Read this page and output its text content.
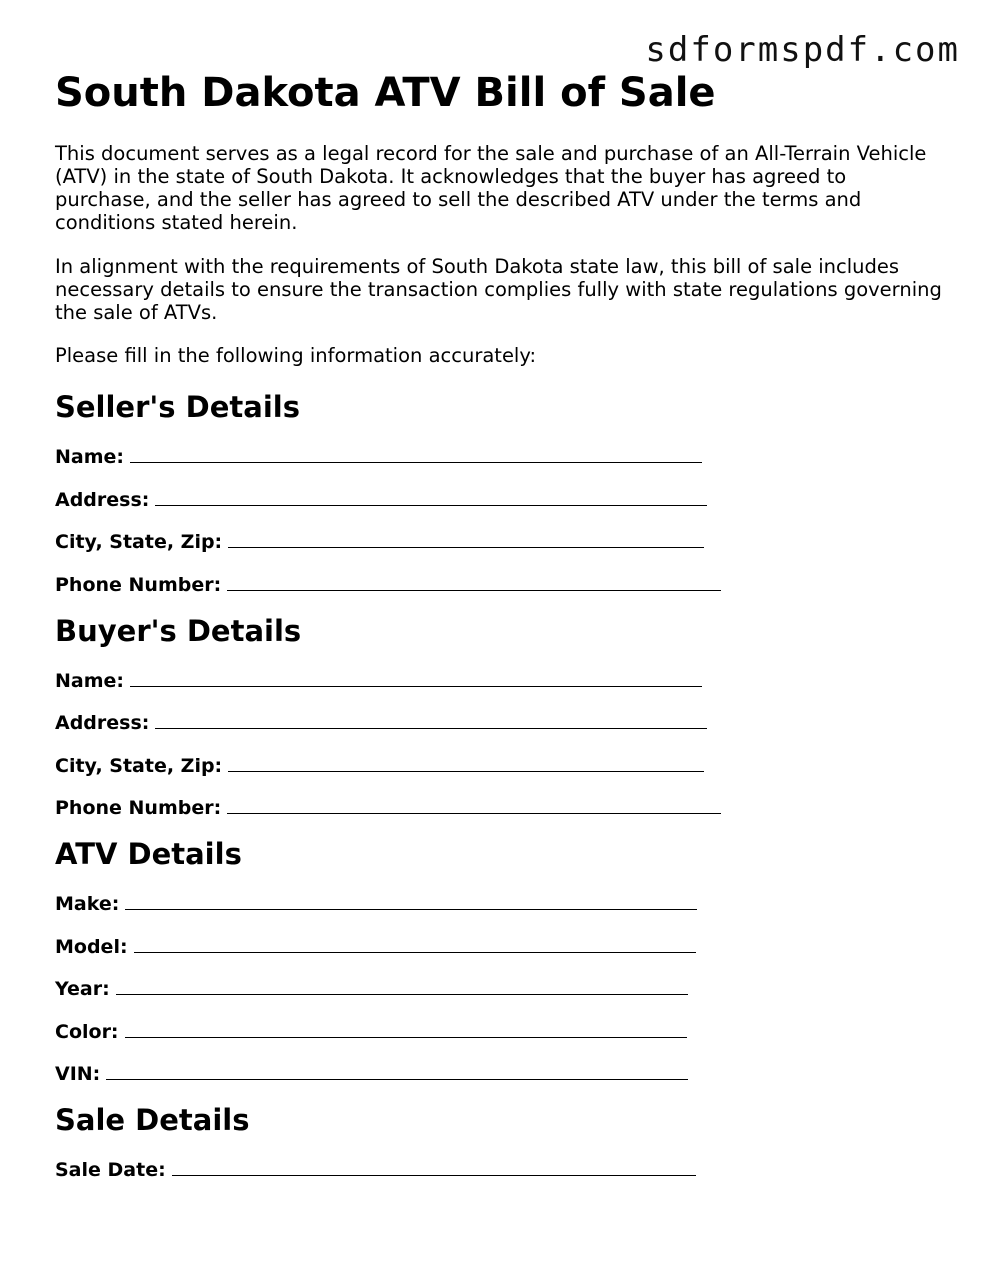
sdformspdf.com
South Dakota ATV Bill of Sale

This document serves as a legal record for the sale and purchase of an All-Terrain Vehicle (ATV) in the state of South Dakota. It acknowledges that the buyer has agreed to purchase, and the seller has agreed to sell the described ATV under the terms and conditions stated herein.

In alignment with the requirements of South Dakota state law, this bill of sale includes necessary details to ensure the transaction complies fully with state regulations governing the sale of ATVs.

Please fill in the following information accurately:

Seller's Details
Name:
Address:
City, State, Zip:
Phone Number:
Buyer's Details
Name:
Address:
City, State, Zip:
Phone Number:
ATV Details
Make:
Model:
Year:
Color:
VIN:
Sale Details
Sale Date:
